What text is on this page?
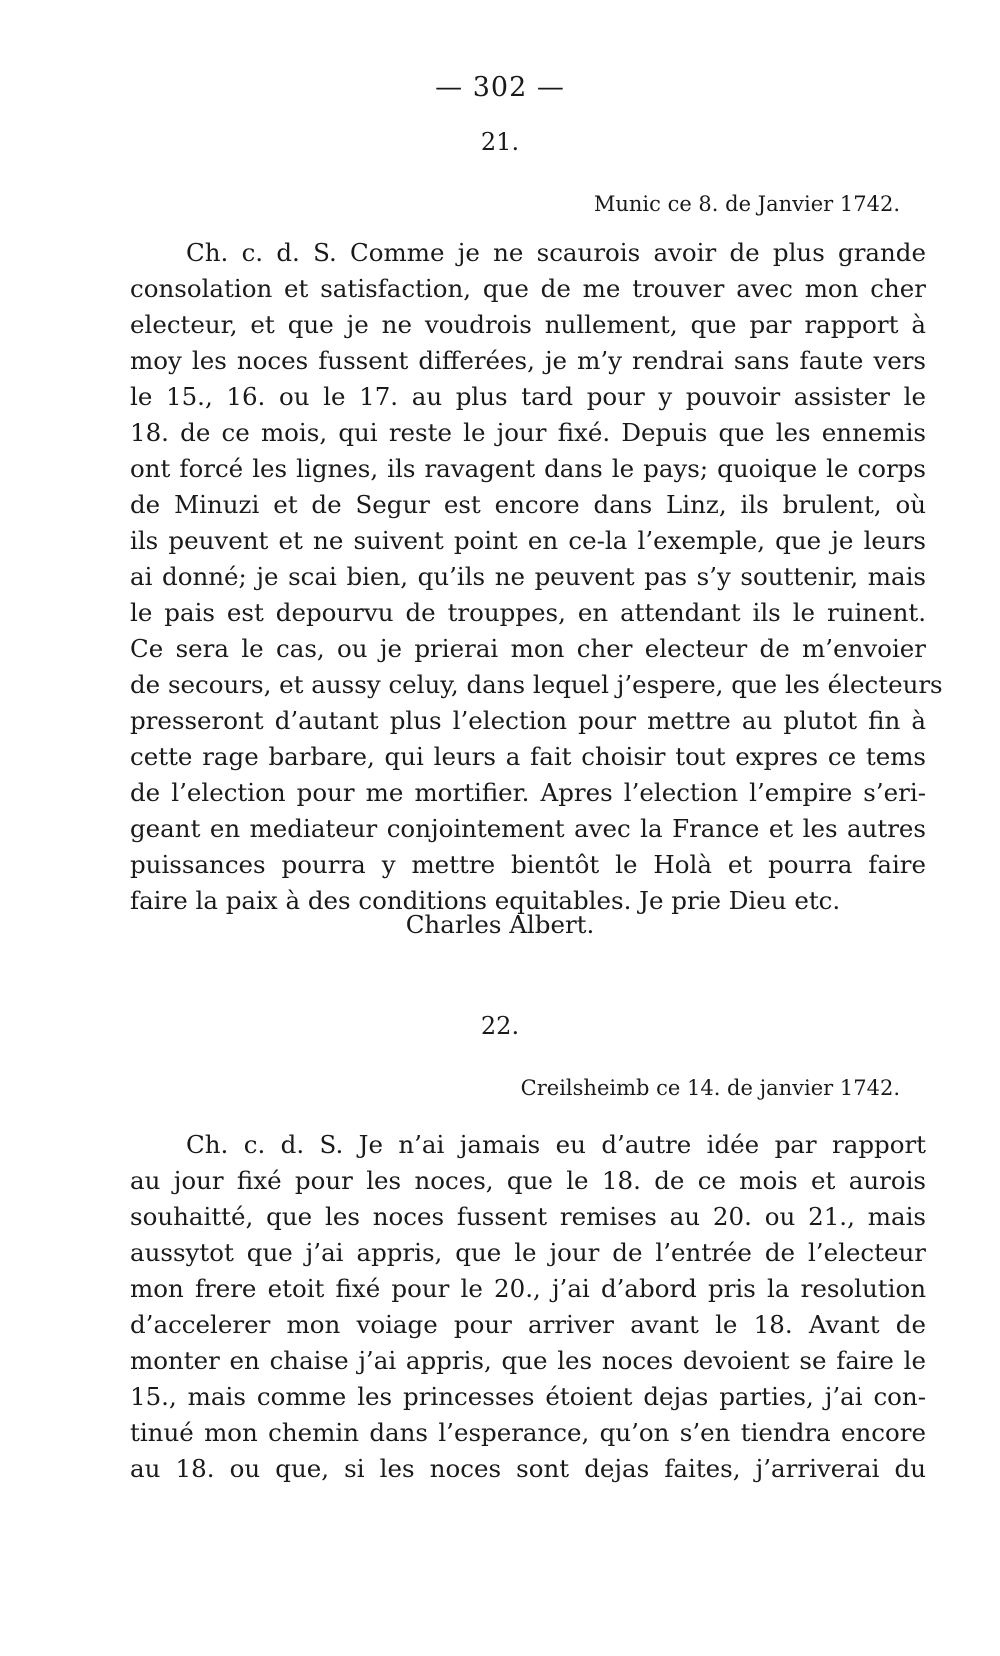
— 302 —
21.
Munic ce 8. de Janvier 1742.
Ch. c. d. S. Comme je ne scaurois avoir de plus grande
consolation et satisfaction, que de me trouver avec mon cher
electeur, et que je ne voudrois nullement, que par rapport à
moy les noces fussent differées, je m’y rendrai sans faute vers
le 15., 16. ou le 17. au plus tard pour y pouvoir assister le
18. de ce mois, qui reste le jour fixé. Depuis que les ennemis
ont forcé les lignes, ils ravagent dans le pays; quoique le corps
de Minuzi et de Segur est encore dans Linz, ils brulent, où
ils peuvent et ne suivent point en ce-la l’exemple, que je leurs
ai donné; je scai bien, qu’ils ne peuvent pas s’y souttenir, mais
le pais est depourvu de trouppes, en attendant ils le ruinent.
Ce sera le cas, ou je prierai mon cher electeur de m’envoier
de secours, et aussy celuy, dans lequel j’espere, que les électeurs
presseront d’autant plus l’election pour mettre au plutot fin à
cette rage barbare, qui leurs a fait choisir tout expres ce tems
de l’election pour me mortifier. Apres l’election l’empire s’eri-
geant en mediateur conjointement avec la France et les autres
puissances pourra y mettre bientôt le Holà et pourra faire
faire la paix à des conditions equitables. Je prie Dieu etc.
Charles Albert.
22.
Creilsheimb ce 14. de janvier 1742.
Ch. c. d. S. Je n’ai jamais eu d’autre idée par rapport
au jour fixé pour les noces, que le 18. de ce mois et aurois
souhaitté, que les noces fussent remises au 20. ou 21., mais
aussytot que j’ai appris, que le jour de l’entrée de l’electeur
mon frere etoit fixé pour le 20., j’ai d’abord pris la resolution
d’accelerer mon voiage pour arriver avant le 18. Avant de
monter en chaise j’ai appris, que les noces devoient se faire le
15., mais comme les princesses étoient dejas parties, j’ai con-
tinué mon chemin dans l’esperance, qu’on s’en tiendra encore
au 18. ou que, si les noces sont dejas faites, j’arriverai du
